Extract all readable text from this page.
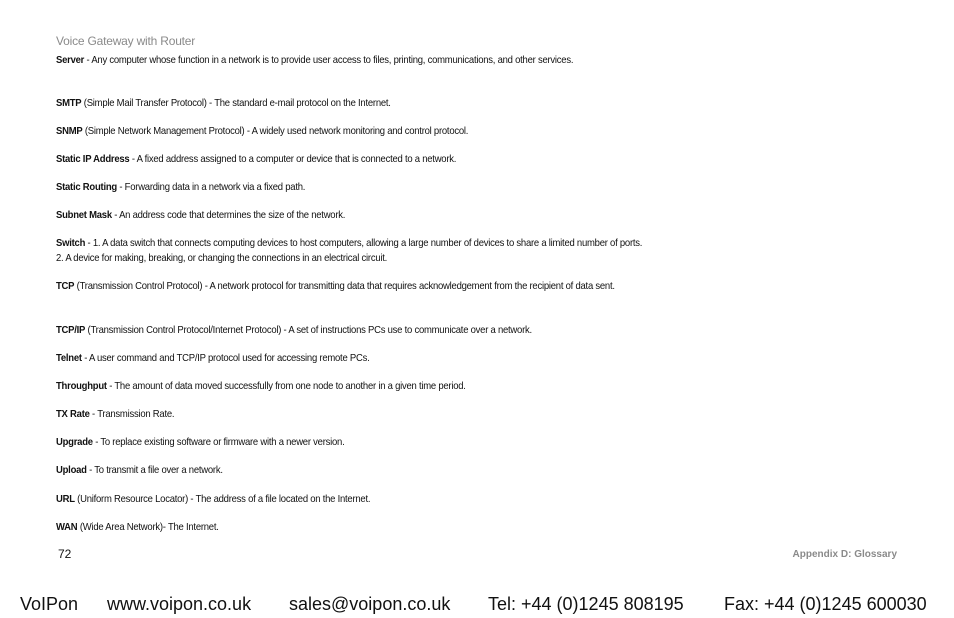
Voice Gateway with Router
Server - Any computer whose function in a network is to provide user access to files, printing, communications, and other services.
SMTP (Simple Mail Transfer Protocol) - The standard e-mail protocol on the Internet.
SNMP (Simple Network Management Protocol) - A widely used network monitoring and control protocol.
Static IP Address - A fixed address assigned to a computer or device that is connected to a network.
Static Routing - Forwarding data in a network via a fixed path.
Subnet Mask - An address code that determines the size of the network.
Switch - 1. A data switch that connects computing devices to host computers, allowing a large number of devices to share a limited number of ports. 2. A device for making, breaking, or changing the connections in an electrical circuit.
TCP (Transmission Control Protocol) - A network protocol for transmitting data that requires acknowledgement from the recipient of data sent.
TCP/IP (Transmission Control Protocol/Internet Protocol) - A set of instructions PCs use to communicate over a network.
Telnet - A user command and TCP/IP protocol used for accessing remote PCs.
Throughput - The amount of data moved successfully from one node to another in a given time period.
TX Rate - Transmission Rate.
Upgrade - To replace existing software or firmware with a newer version.
Upload - To transmit a file over a network.
URL (Uniform Resource Locator) - The address of a file located on the Internet.
WAN (Wide Area Network)- The Internet.
72	Appendix D: Glossary
VoIPon www.voipon.co.uk sales@voipon.co.uk Tel: +44 (0)1245 808195 Fax: +44 (0)1245 600030
